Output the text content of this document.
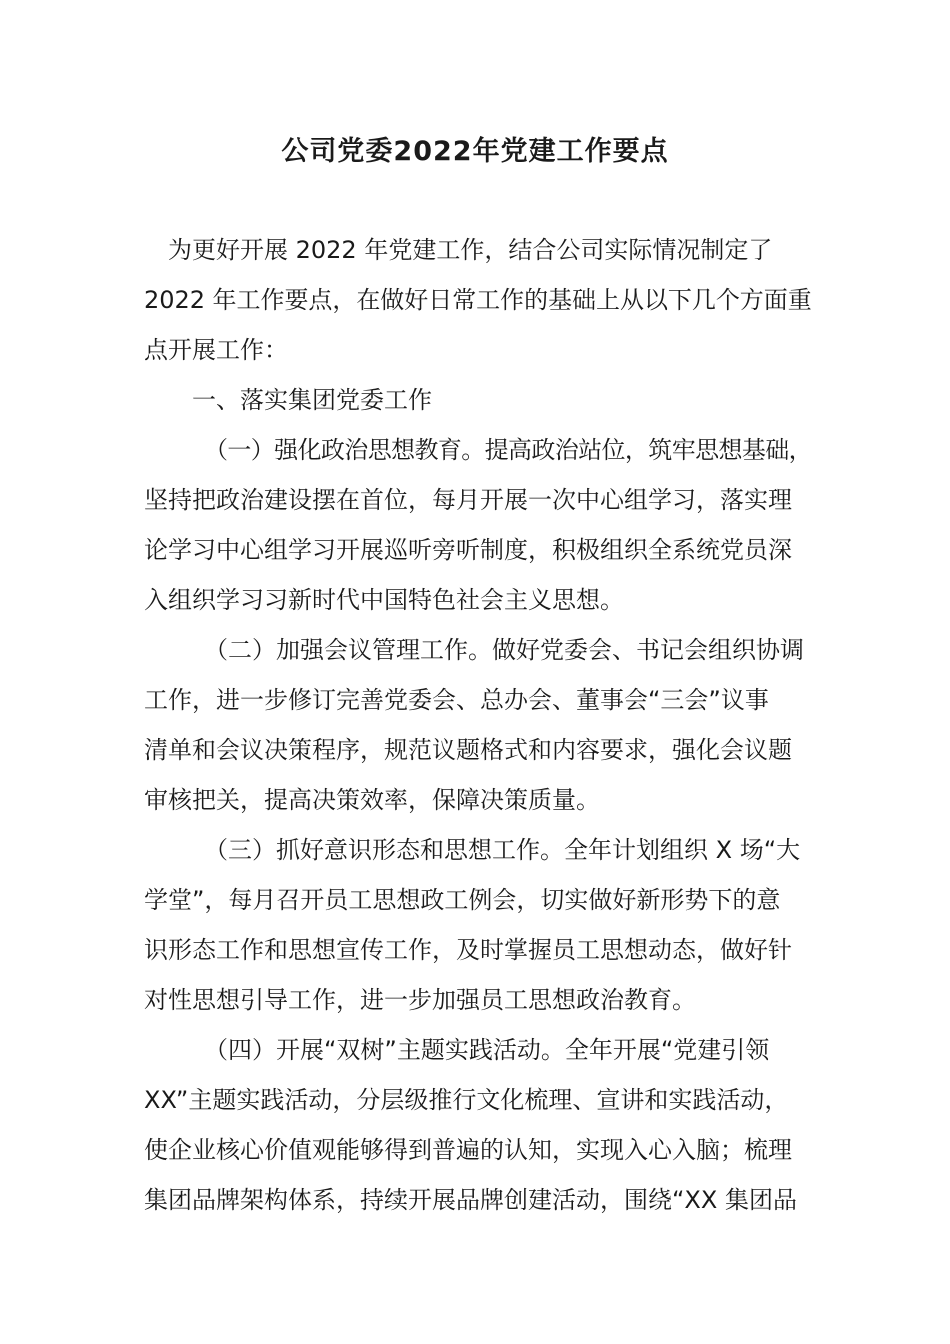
公司党委2022年党建工作要点
为更好开展 2022 年党建工作，结合公司实际情况制定了
2022 年工作要点，在做好日常工作的基础上从以下几个方面重
点开展工作：
一、落实集团党委工作
（一）强化政治思想教育。提高政治站位，筑牢思想基础，
坚持把政治建设摆在首位，每月开展一次中心组学习，落实理
论学习中心组学习开展巡听旁听制度，积极组织全系统党员深
入组织学习习新时代中国特色社会主义思想。
（二）加强会议管理工作。做好党委会、书记会组织协调
工作，进一步修订完善党委会、总办会、董事会“三会”议事
清单和会议决策程序，规范议题格式和内容要求，强化会议题
审核把关，提高决策效率，保障决策质量。
（三）抓好意识形态和思想工作。全年计划组织 X 场“大
学堂”，每月召开员工思想政工例会，切实做好新形势下的意
识形态工作和思想宣传工作，及时掌握员工思想动态，做好针
对性思想引导工作，进一步加强员工思想政治教育。
（四）开展“双树”主题实践活动。全年开展“党建引领
XX”主题实践活动，分层级推行文化梳理、宣讲和实践活动，
使企业核心价值观能够得到普遍的认知，实现入心入脑；梳理
集团品牌架构体系，持续开展品牌创建活动，围绕“XX 集团品
